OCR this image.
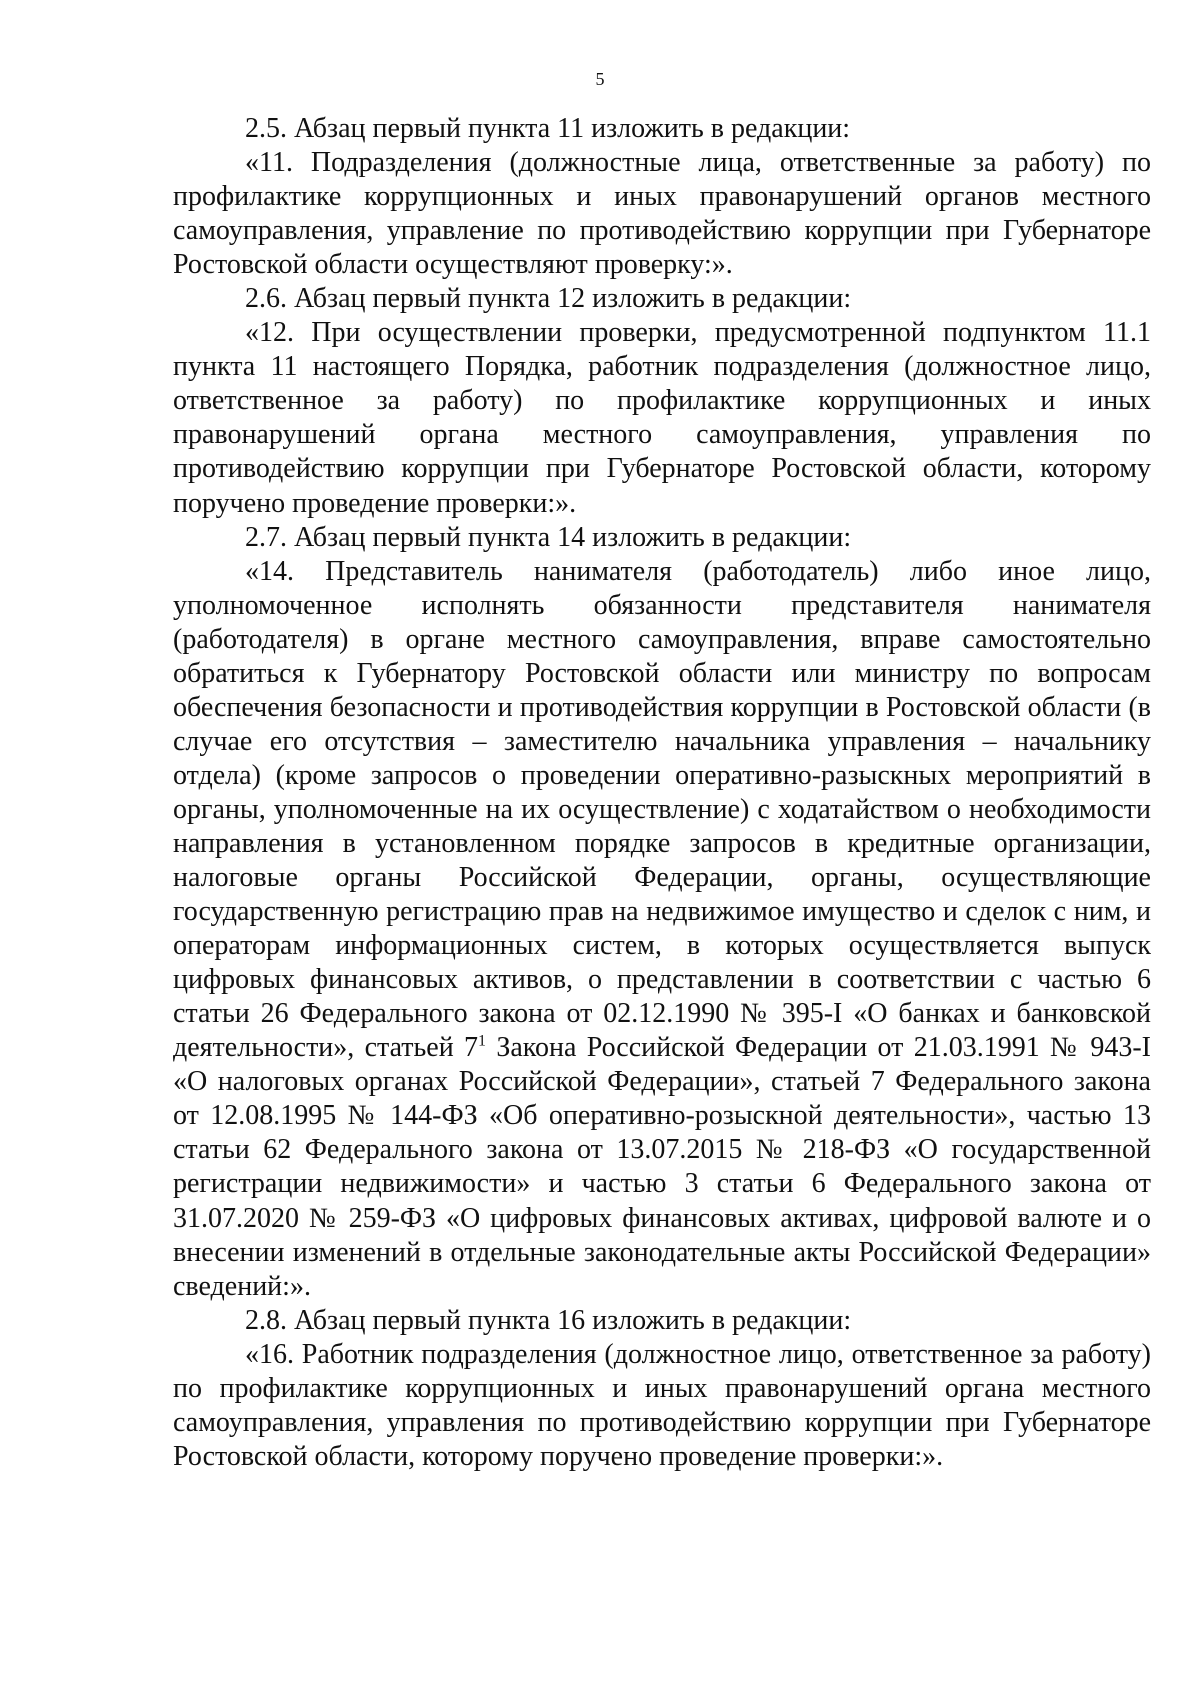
5

2.5. Абзац первый пункта 11 изложить в редакции:

«11. Подразделения (должностные лица, ответственные за работу) по профилактике коррупционных и иных правонарушений органов местного самоуправления, управление по противодействию коррупции при Губернаторе Ростовской области осуществляют проверку:».

2.6. Абзац первый пункта 12 изложить в редакции:

«12. При осуществлении проверки, предусмотренной подпунктом 11.1 пункта 11 настоящего Порядка, работник подразделения (должностное лицо, ответственное за работу) по профилактике коррупционных и иных правонарушений органа местного самоуправления, управления по противодействию коррупции при Губернаторе Ростовской области, которому поручено проведение проверки:».

2.7. Абзац первый пункта 14 изложить в редакции:

«14. Представитель нанимателя (работодатель) либо иное лицо, уполномоченное исполнять обязанности представителя нанимателя (работодателя) в органе местного самоуправления, вправе самостоятельно обратиться к Губернатору Ростовской области или министру по вопросам обеспечения безопасности и противодействия коррупции в Ростовской области (в случае его отсутствия – заместителю начальника управления – начальнику отдела) (кроме запросов о проведении оперативно-разыскных мероприятий в органы, уполномоченные на их осуществление) с ходатайством о необходимости направления в установленном порядке запросов в кредитные организации, налоговые органы Российской Федерации, органы, осуществляющие государственную регистрацию прав на недвижимое имущество и сделок с ним, и операторам информационных систем, в которых осуществляется выпуск цифровых финансовых активов, о представлении в соответствии с частью 6 статьи 26 Федерального закона от 02.12.1990 № 395-I «О банках и банковской деятельности», статьей $7^1$ Закона Российской Федерации от 21.03.1991 № 943-I «О налоговых органах Российской Федерации», статьей 7 Федерального закона от 12.08.1995 № 144-ФЗ «Об оперативно-розыскной деятельности», частью 13 статьи 62 Федерального закона от 13.07.2015 № 218-ФЗ «О государственной регистрации недвижимости» и частью 3 статьи 6 Федерального закона от 31.07.2020 № 259-ФЗ «О цифровых финансовых активах, цифровой валюте и о внесении изменений в отдельные законодательные акты Российской Федерации» сведений:».

2.8. Абзац первый пункта 16 изложить в редакции:

«16. Работник подразделения (должностное лицо, ответственное за работу) по профилактике коррупционных и иных правонарушений органа местного самоуправления, управления по противодействию коррупции при Губернаторе Ростовской области, которому поручено проведение проверки:».
